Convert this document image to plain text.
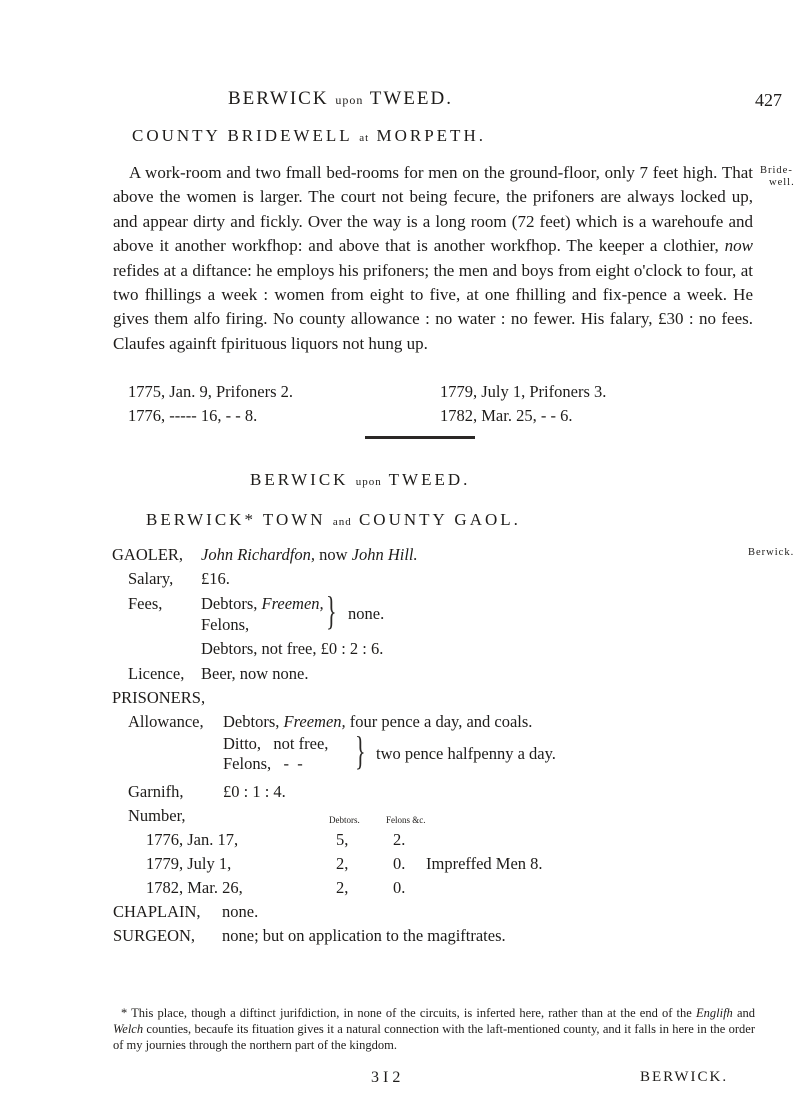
BERWICK upon TWEED.	427
COUNTY BRIDEWELL at MORPETH.
Bride-
well.

A work-room and two fmall bed-rooms for men on the ground-floor, only 7 feet high. That above the women is larger. The court not being fecure, the prifoners are always locked up, and appear dirty and fickly. Over the way is a long room (72 feet) which is a warehoufe and above it another workfhop: and above that is another workfhop. The keeper a clothier, now refides at a diftance: he employs his prifoners; the men and boys from eight o'clock to four, at two fhillings a week : women from eight to five, at one fhilling and fix-pence a week. He gives them alfo firing. No county allowance : no water : no fewer. His falary, £30 : no fees. Claufes againft fpirituous liquors not hung up.

1775, Jan. 9, Prifoners 2.	1779, July 1, Prifoners 3.
1776, ----- 16, - - 8.	1782, Mar. 25, - - 6.
BERWICK upon TWEED.
BERWICK* TOWN and COUNTY GAOL.
Berwick.
GAOLER, John Richardfon, now John Hill.
Salary, £16.
Fees, Debtors, Freemen,
Felons, } none.
Debtors, not free, £0 : 2 : 6.
Licence, Beer, now none.
PRISONERS,
Allowance, Debtors, Freemen, four pence a day, and coals.
Ditto,   not free,
Felons,   -  - } two pence halfpenny a day.
Garnifh, £0 : 1 : 4.
Number,	Debtors.	Felons &c.
1776, Jan. 17,	5,	2.
1779, July 1,	2,	0. Impreffed Men 8.
1782, Mar. 26,	2,	0.
CHAPLAIN, none.
SURGEON, none; but on application to the magiftrates.

* This place, though a diftinct jurifdiction, in none of the circuits, is inferted here, rather than at the end of the Englifh and Welch counties, becaufe its fituation gives it a natural connection with the laft-mentioned county, and it falls in here in the order of my journies through the northern part of the kingdom.

3 I 2	BERWICK.
